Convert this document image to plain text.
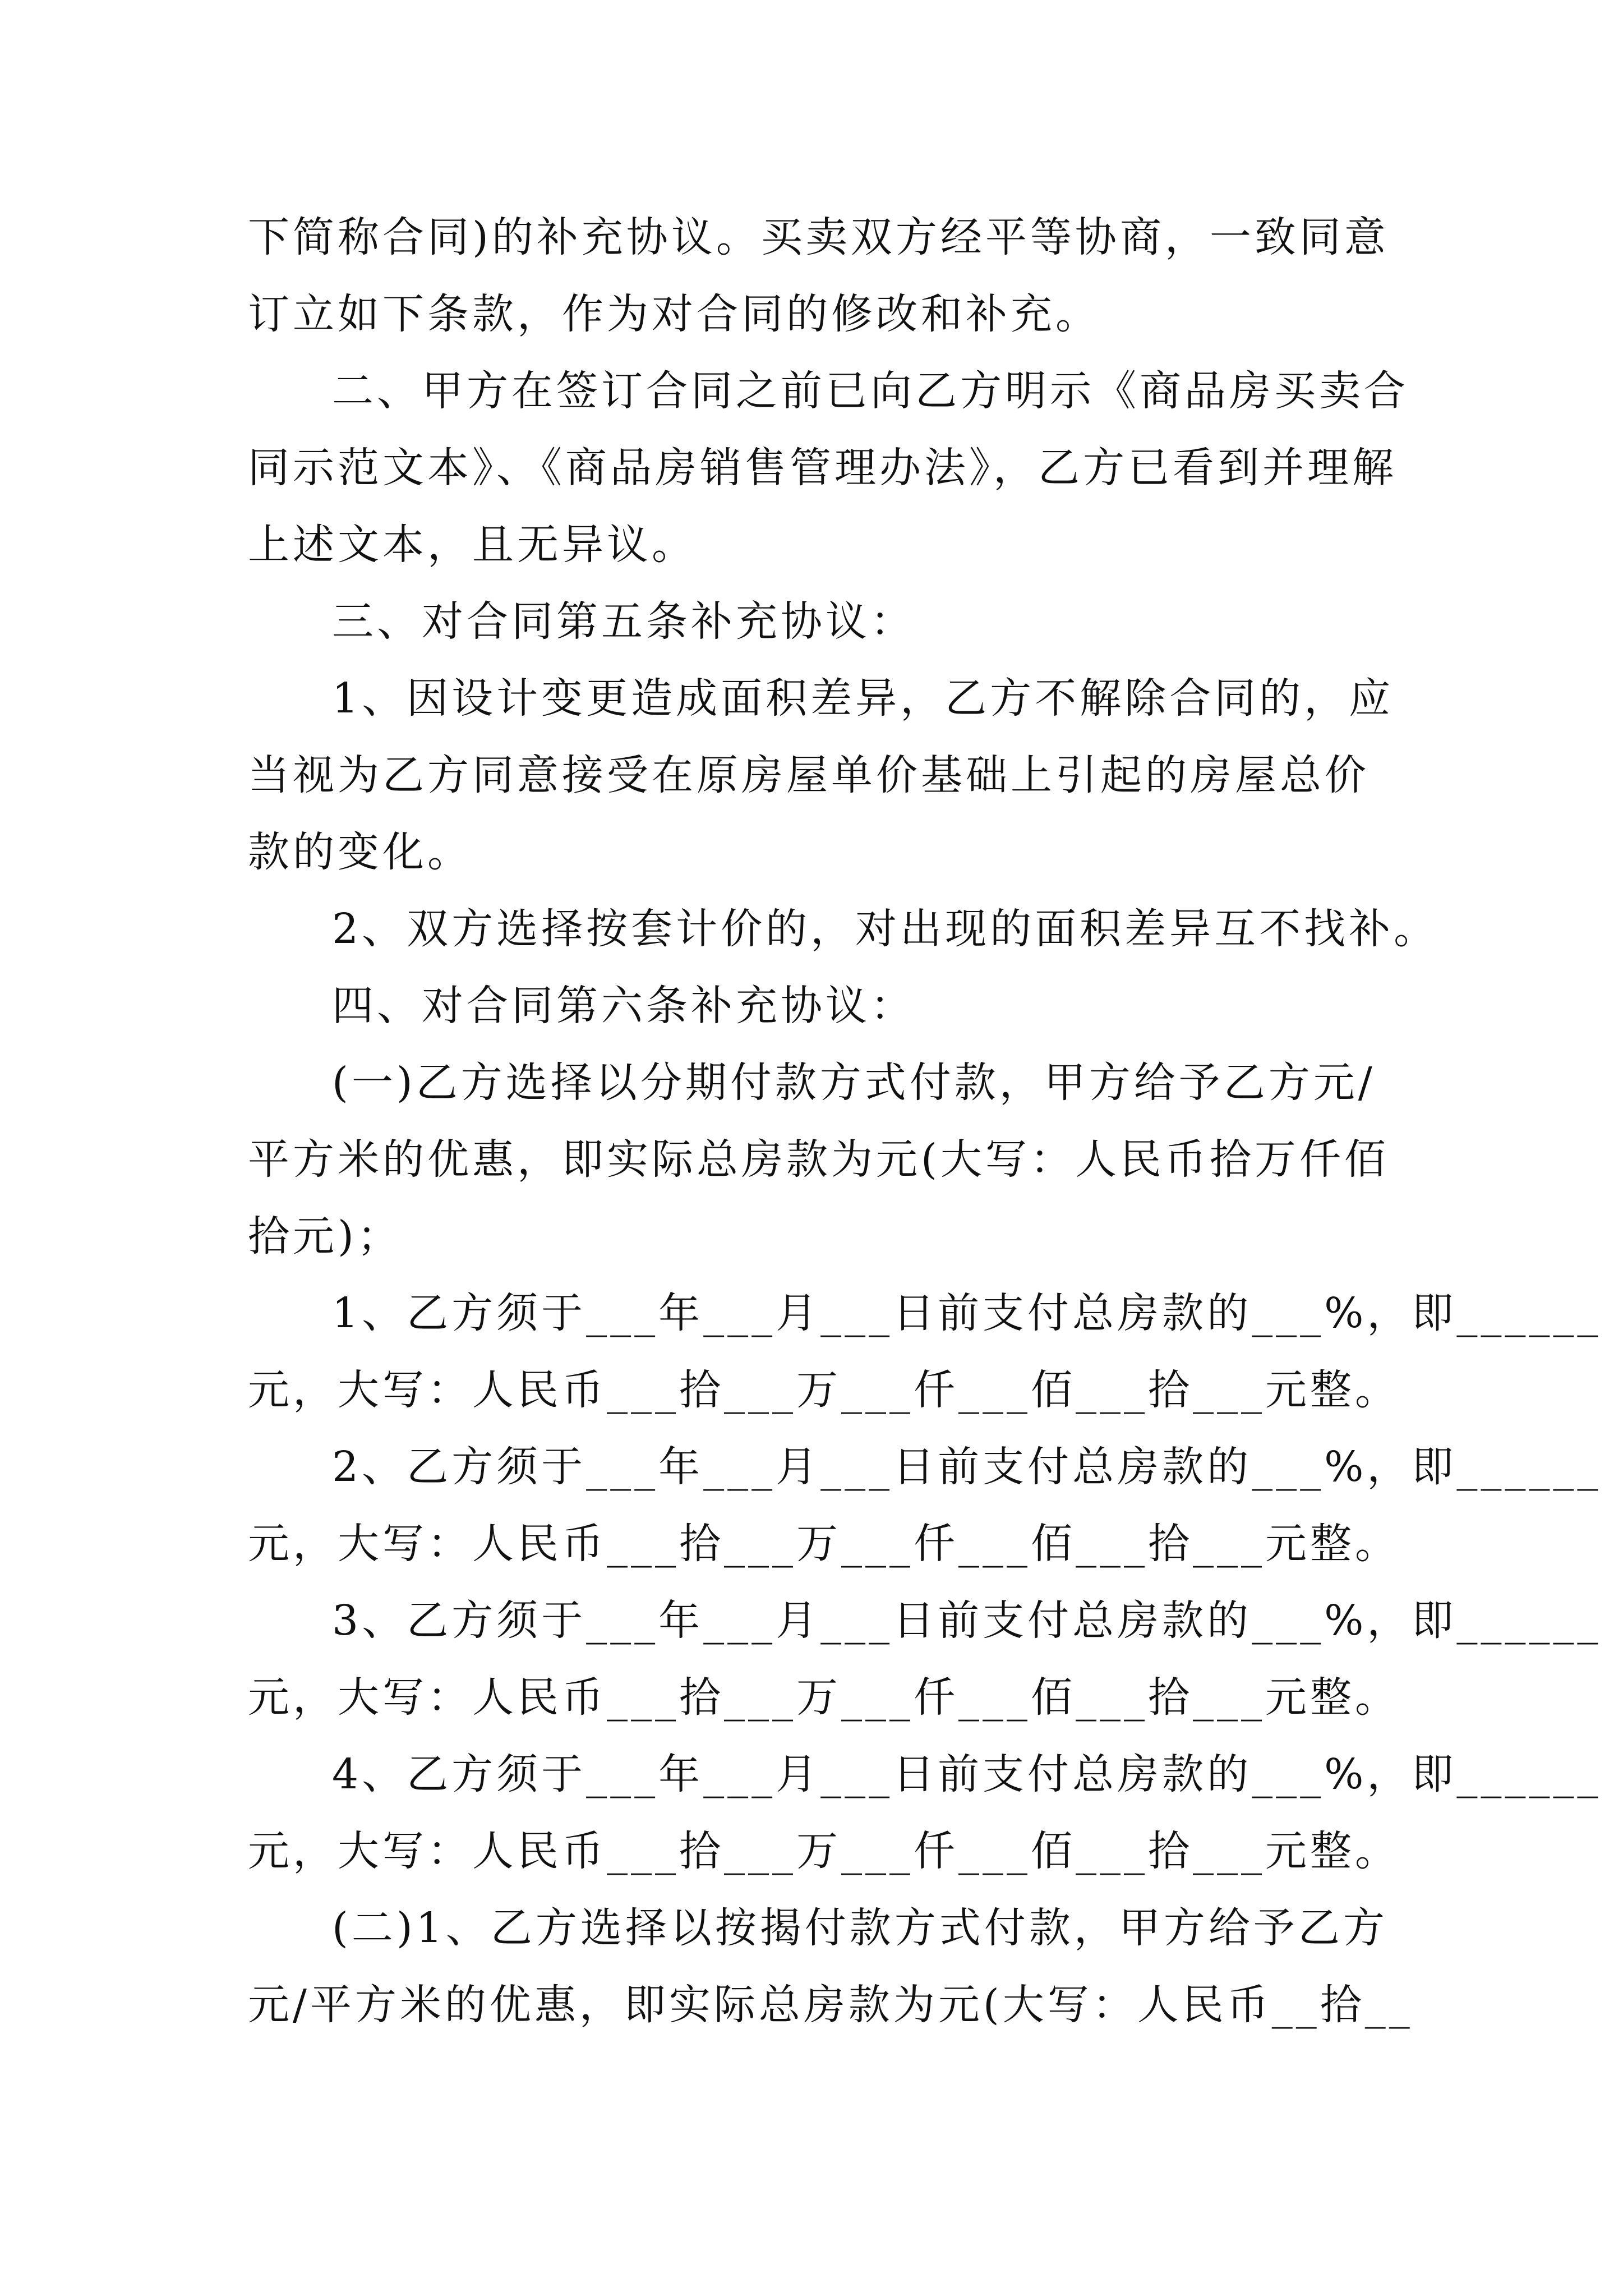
下简称合同)的补充协议。买卖双方经平等协商，一致同意
订立如下条款，作为对合同的修改和补充。
二、甲方在签订合同之前已向乙方明示《商品房买卖合
同示范文本》、《商品房销售管理办法》，乙方已看到并理解
上述文本，且无异议。
三、对合同第五条补充协议：
1、因设计变更造成面积差异，乙方不解除合同的，应
当视为乙方同意接受在原房屋单价基础上引起的房屋总价
款的变化。
2、双方选择按套计价的，对出现的面积差异互不找补。
四、对合同第六条补充协议：
(一)乙方选择以分期付款方式付款，甲方给予乙方元/
平方米的优惠，即实际总房款为元(大写：人民币拾万仟佰
拾元)；
1、乙方须于___年___月___日前支付总房款的___%，即______
元，大写：人民币___拾___万___仟___佰___拾___元整。
2、乙方须于___年___月___日前支付总房款的___%，即______
元，大写：人民币___拾___万___仟___佰___拾___元整。
3、乙方须于___年___月___日前支付总房款的___%，即______
元，大写：人民币___拾___万___仟___佰___拾___元整。
4、乙方须于___年___月___日前支付总房款的___%，即______
元，大写：人民币___拾___万___仟___佰___拾___元整。
(二)1、乙方选择以按揭付款方式付款，甲方给予乙方
元/平方米的优惠，即实际总房款为元(大写：人民币__拾__
